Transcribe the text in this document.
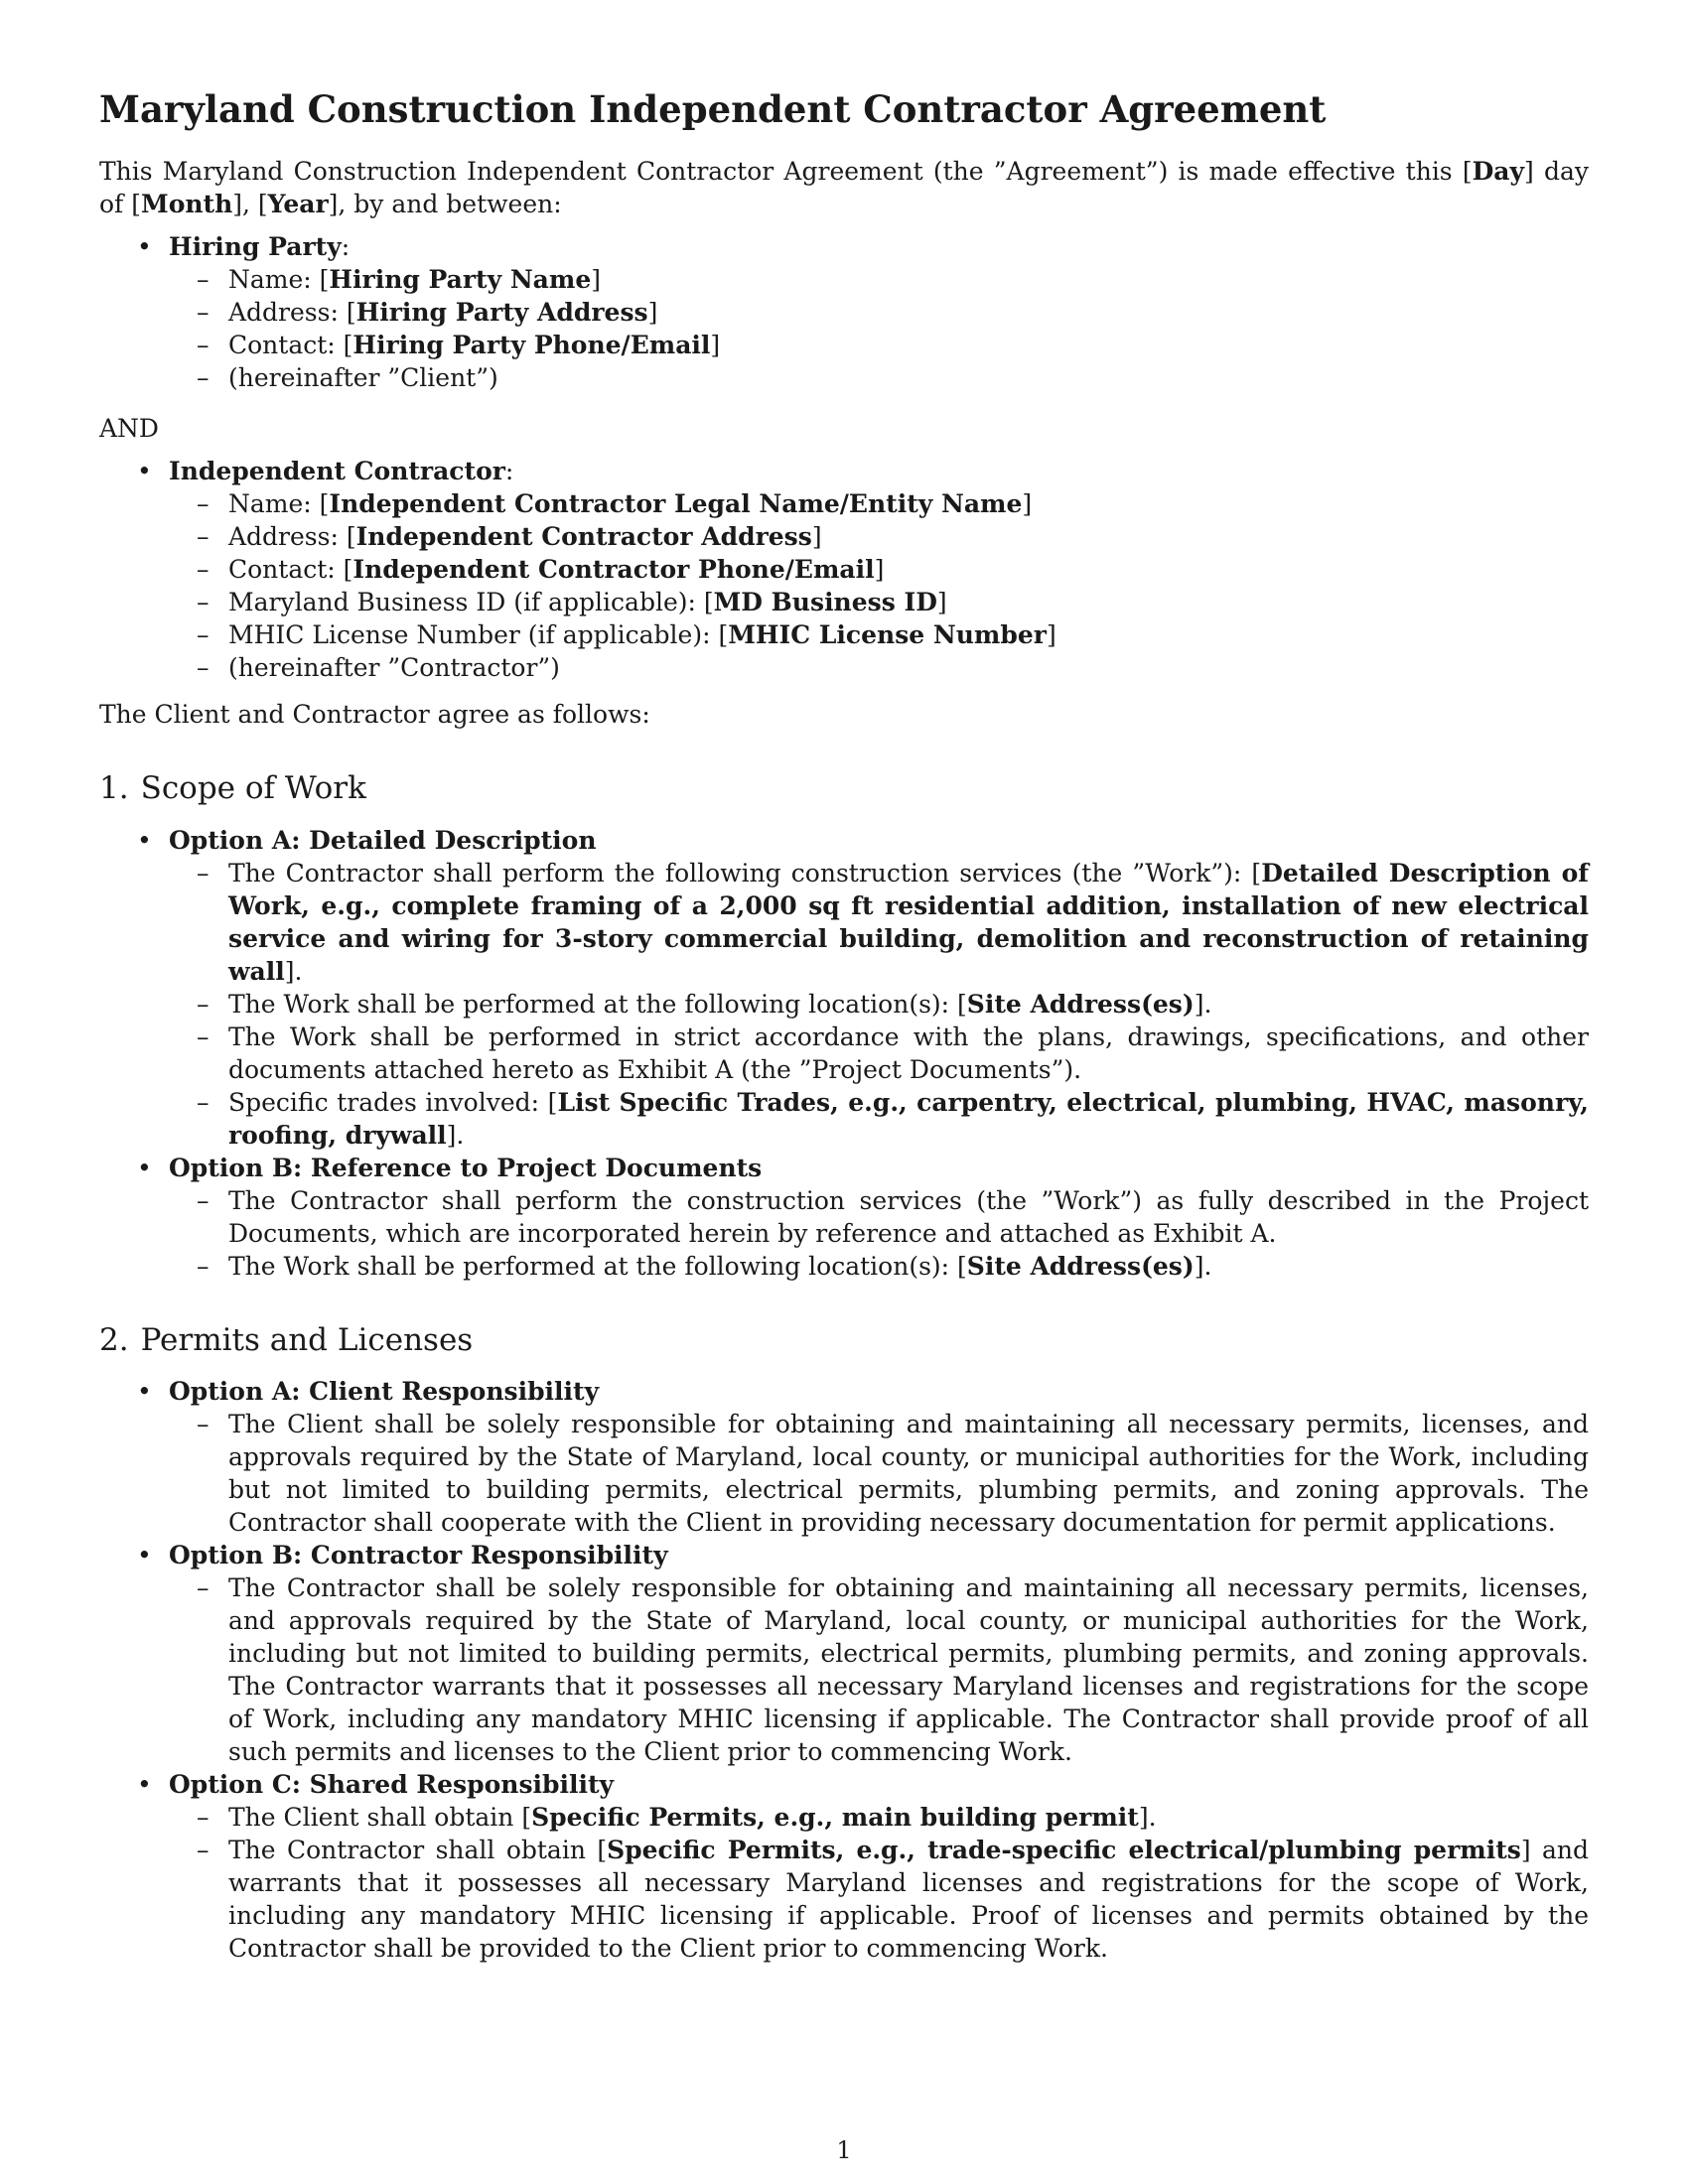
Maryland Construction Independent Contractor Agreement

This Maryland Construction Independent Contractor Agreement (the ”Agreement”) is made effective this [Day] day of [Month], [Year], by and between:

• Hiring Party:
– Name: [Hiring Party Name]
– Address: [Hiring Party Address]
– Contact: [Hiring Party Phone/Email]
– (hereinafter ”Client”)

AND

• Independent Contractor:
– Name: [Independent Contractor Legal Name/Entity Name]
– Address: [Independent Contractor Address]
– Contact: [Independent Contractor Phone/Email]
– Maryland Business ID (if applicable): [MD Business ID]
– MHIC License Number (if applicable): [MHIC License Number]
– (hereinafter ”Contractor”)

The Client and Contractor agree as follows:

1. Scope of Work
• Option A: Detailed Description
– The Contractor shall perform the following construction services (the ”Work”): [Detailed Description of Work, e.g., complete framing of a 2,000 sq ft residential addition, installation of new electrical service and wiring for 3-story commercial building, demolition and reconstruction of retaining wall].
– The Work shall be performed at the following location(s): [Site Address(es)].
– The Work shall be performed in strict accordance with the plans, drawings, specifications, and other documents attached hereto as Exhibit A (the ”Project Documents”).
– Specific trades involved: [List Specific Trades, e.g., carpentry, electrical, plumbing, HVAC, masonry, roofing, drywall].
• Option B: Reference to Project Documents
– The Contractor shall perform the construction services (the ”Work”) as fully described in the Project Documents, which are incorporated herein by reference and attached as Exhibit A.
– The Work shall be performed at the following location(s): [Site Address(es)].
2. Permits and Licenses
• Option A: Client Responsibility
– The Client shall be solely responsible for obtaining and maintaining all necessary permits, licenses, and approvals required by the State of Maryland, local county, or municipal authorities for the Work, including but not limited to building permits, electrical permits, plumbing permits, and zoning approvals. The Contractor shall cooperate with the Client in providing necessary documentation for permit applications.
• Option B: Contractor Responsibility
– The Contractor shall be solely responsible for obtaining and maintaining all necessary permits, licenses, and approvals required by the State of Maryland, local county, or municipal authorities for the Work, including but not limited to building permits, electrical permits, plumbing permits, and zoning approvals. The Contractor warrants that it possesses all necessary Maryland licenses and registrations for the scope of Work, including any mandatory MHIC licensing if applicable. The Contractor shall provide proof of all such permits and licenses to the Client prior to commencing Work.
• Option C: Shared Responsibility
– The Client shall obtain [Specific Permits, e.g., main building permit].
– The Contractor shall obtain [Specific Permits, e.g., trade-specific electrical/plumbing permits] and warrants that it possesses all necessary Maryland licenses and registrations for the scope of Work, including any mandatory MHIC licensing if applicable. Proof of licenses and permits obtained by the Contractor shall be provided to the Client prior to commencing Work.
1
